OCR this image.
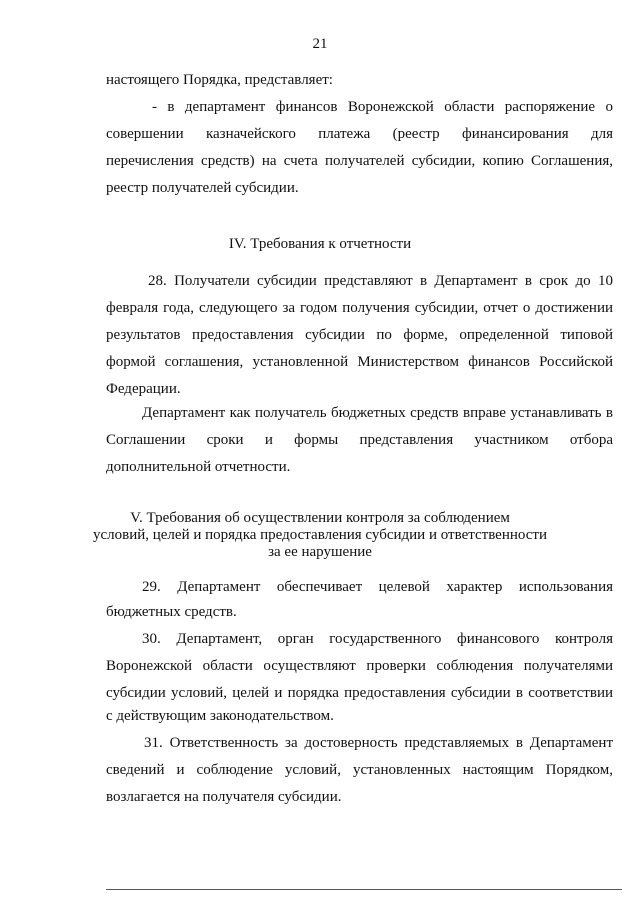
21
настоящего Порядка, представляет:
- в департамент финансов Воронежской области распоряжение о
совершении казначейского платежа (реестр финансирования для
перечисления средств) на счета получателей субсидии, копию Соглашения,
реестр получателей субсидии.
IV. Требования к отчетности
28. Получатели субсидии представляют в Департамент в срок до 10
февраля года, следующего за годом получения субсидии, отчет о достижении
результатов предоставления субсидии по форме, определенной типовой
формой соглашения, установленной Министерством финансов Российской
Федерации.
Департамент как получатель бюджетных средств вправе устанавливать в
Соглашении сроки и формы представления участником отбора
дополнительной отчетности.
V. Требования об осуществлении контроля за соблюдением
условий, целей и порядка предоставления субсидии и ответственности
за ее нарушение
29. Департамент обеспечивает целевой характер использования
бюджетных средств.
30. Департамент, орган государственного финансового контроля
Воронежской области осуществляют проверки соблюдения получателями
субсидии условий, целей и порядка предоставления субсидии в соответствии
с действующим законодательством.
31. Ответственность за достоверность представляемых в Департамент
сведений и соблюдение условий, установленных настоящим Порядком,
возлагается на получателя субсидии.
